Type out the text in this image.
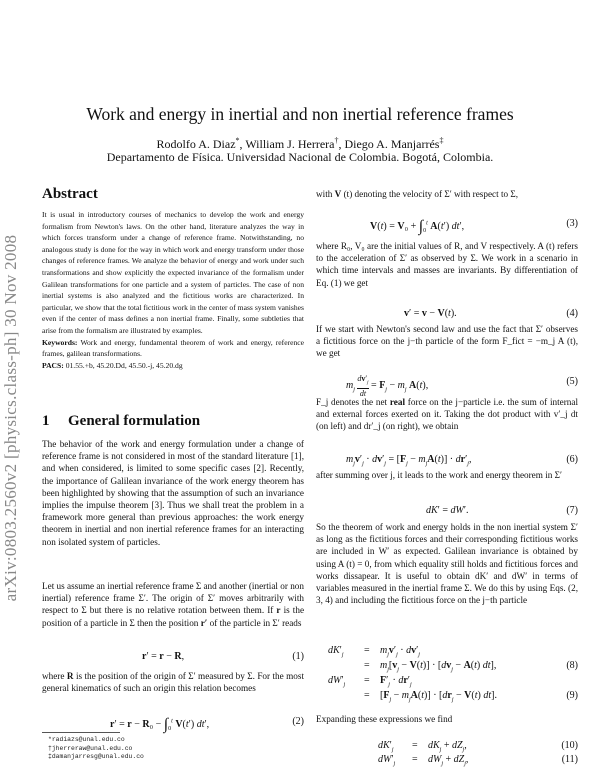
arXiv:0803.2560v2 [physics.class-ph] 30 Nov 2008
Work and energy in inertial and non inertial reference frames
Rodolfo A. Diaz*, William J. Herrera†, Diego A. Manjarrés‡
Departamento de Física. Universidad Nacional de Colombia. Bogotá, Colombia.
Abstract

It is usual in introductory courses of mechanics to develop the work and energy formalism from Newton's laws. On the other hand, literature analyzes the way in which forces transform under a change of reference frame. Notwithstanding, no analogous study is done for the way in which work and energy transform under those changes of reference frames. We analyze the behavior of energy and work under such transformations and show explicitly the expected invariance of the formalism under Galilean transformations for one particle and a system of particles. The case of non inertial systems is also analyzed and the fictitious works are characterized. In particular, we show that the total fictitious work in the center of mass system vanishes even if the center of mass defines a non inertial frame. Finally, some subtleties that arise from the formalism are illustrated by examples.

Keywords: Work and energy, fundamental theorem of work and energy, reference frames, galilean transformations.

PACS: 01.55.+b, 45.20.Dd, 45.50.-j, 45.20.dg

1 General formulation

The behavior of the work and energy formulation under a change of reference frame is not considered in most of the standard literature [1], and when considered, is limited to some specific cases [2]. Recently, the importance of Galilean invariance of the work energy theorem has been highlighted by showing that the assumption of such an invariance implies the impulse theorem [3]. Thus we shall treat the problem in a framework more general than previous approaches: the work energy theorem in inertial and non inertial reference frames for an interacting non isolated system of particles.

Let us assume an inertial reference frame Σ and another (inertial or non inertial) reference frame Σ′. The origin of Σ′ moves arbitrarily with respect to Σ but there is no relative rotation between them. If r is the position of a particle in Σ then the position r′ of the particle in Σ′ reads

r′ = r − R,	(1)

where R is the position of the origin of Σ′ measured by Σ. For the most general kinematics of such an origin this relation becomes

$r' = r - R_0 - \int_0^t$ V(t′) dt′,	(2)
*radiazs@unal.edu.co
†jherreraw@unal.edu.co
‡damanjarresg@unal.edu.co

with V (t) denoting the velocity of Σ′ with respect to Σ,

$V(t) = V_0 + \int_0^t$ A(t′) dt′,	(3)

where R₀, V₀ are the initial values of R, and V respectively. A (t) refers to the acceleration of Σ′ as observed by Σ. We work in a scenario in which time intervals and masses are invariants. By differentiation of Eq. (1) we get

v′ = v − V(t).	(4)

If we start with Newton's second law and use the fact that Σ′ observes a fictitious force on the j−th particle of the form F_fict = −m_j A (t), we get

$m_j \frac{dv'_j}{dt} = F_j - m_j$ A(t),	(5)

F_j denotes the net real force on the j−particle i.e. the sum of internal and external forces exerted on it. Taking the dot product with v′_j dt (on left) and dr′_j (on right), we obtain

$m_jv'_j \cdot dv'_j = [F_j - m_jA(t)] \cdot dr'_j$,	(6)

after summing over j, it leads to the work and energy theorem in Σ′

dK′ = dW′.	(7)

So the theorem of work and energy holds in the non inertial system Σ′ as long as the fictitious forces and their corresponding fictitious works are included in W′ as expected. Galilean invariance is obtained by using A (t) = 0, from which equality still holds and fictitious forces and works dissapear. It is useful to obtain dK′ and dW′ in terms of variables measured in the inertial frame Σ. We do this by using Eqs. (2, 3, 4) and including the fictitious force on the j−th particle

$dK'_j = m_jv'_j \cdot dv'_j$
= $m_j[v_j - V(t)] \cdot [dv_j - A(t)$ dt],	(8)
$dW'_j = F'_j \cdot dr'_j$
= $[F_j - m_jA(t)] \cdot [dr_j - V(t)$ dt].	(9)

Expanding these expressions we find

$dK'_j = dK_j + dZ_j$,	(10)
$dW'_j = dW_j + dZ_j$,	(11)
